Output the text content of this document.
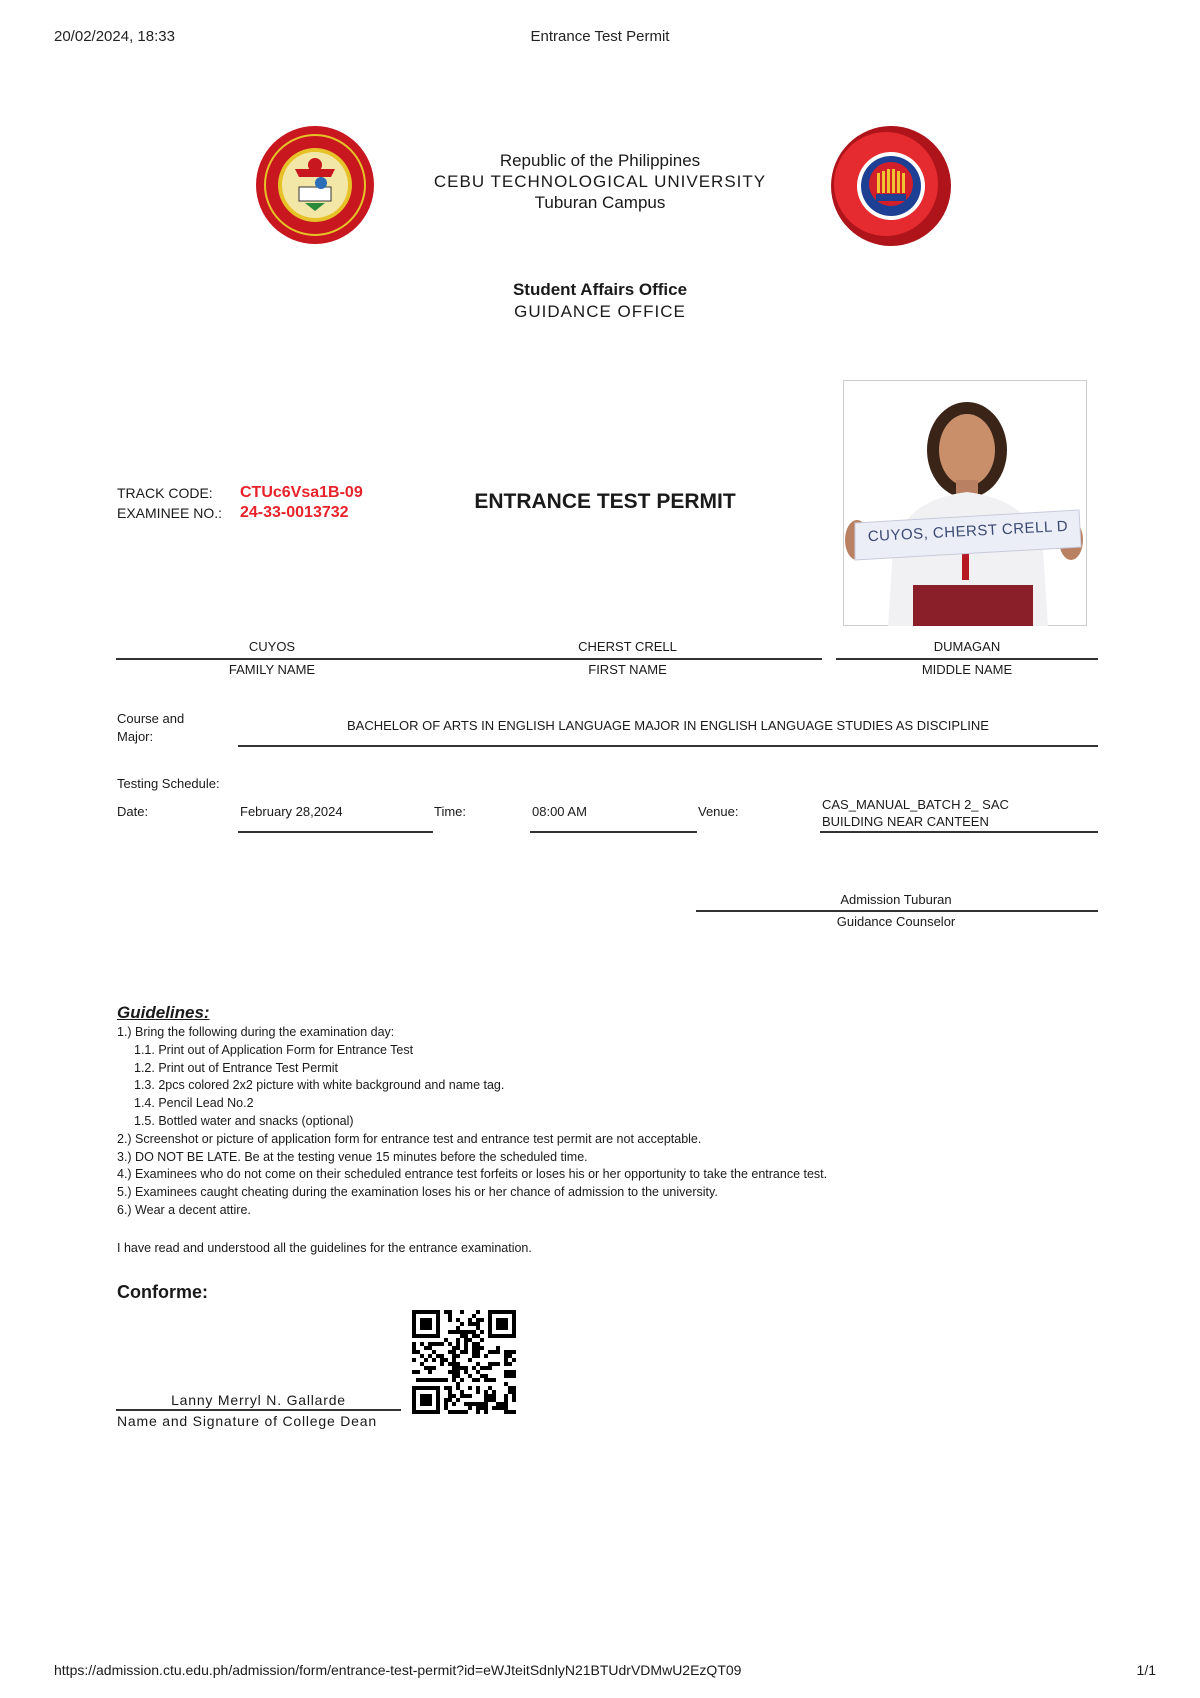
20/02/2024, 18:33	Entrance Test Permit
Republic of the Philippines
CEBU TECHNOLOGICAL UNIVERSITY
Tuburan Campus
Student Affairs Office
GUIDANCE OFFICE
TRACK CODE: CTUc6Vsa1B-09
EXAMINEE NO.: 24-33-0013732	ENTRANCE TEST PERMIT
CUYOS, CHERST CRELL D
CUYOS	CHERST CRELL	DUMAGAN
FAMILY NAME	FIRST NAME	MIDDLE NAME
Course and
Major:
BACHELOR OF ARTS IN ENGLISH LANGUAGE MAJOR IN ENGLISH LANGUAGE STUDIES AS DISCIPLINE
Testing Schedule:
Date:	February 28,2024	Time:	08:00 AM	Venue:	CAS_MANUAL_BATCH 2_ SAC
BUILDING NEAR CANTEEN
Admission Tuburan
Guidance Counselor
Guidelines:
1.) Bring the following during the examination day:
1.1. Print out of Application Form for Entrance Test
1.2. Print out of Entrance Test Permit
1.3. 2pcs colored 2x2 picture with white background and name tag.
1.4. Pencil Lead No.2
1.5. Bottled water and snacks (optional)
2.) Screenshot or picture of application form for entrance test and entrance test permit are not acceptable.
3.) DO NOT BE LATE. Be at the testing venue 15 minutes before the scheduled time.
4.) Examinees who do not come on their scheduled entrance test forfeits or loses his or her opportunity to take the entrance test.
5.) Examinees caught cheating during the examination loses his or her chance of admission to the university.
6.) Wear a decent attire.
I have read and understood all the guidelines for the entrance examination.
Conforme:
Lanny Merryl N. Gallarde
Name and Signature of College Dean
https://admission.ctu.edu.ph/admission/form/entrance-test-permit?id=eWJteitSdnlyN21BTUdrVDMwU2EzQT09	1/1
